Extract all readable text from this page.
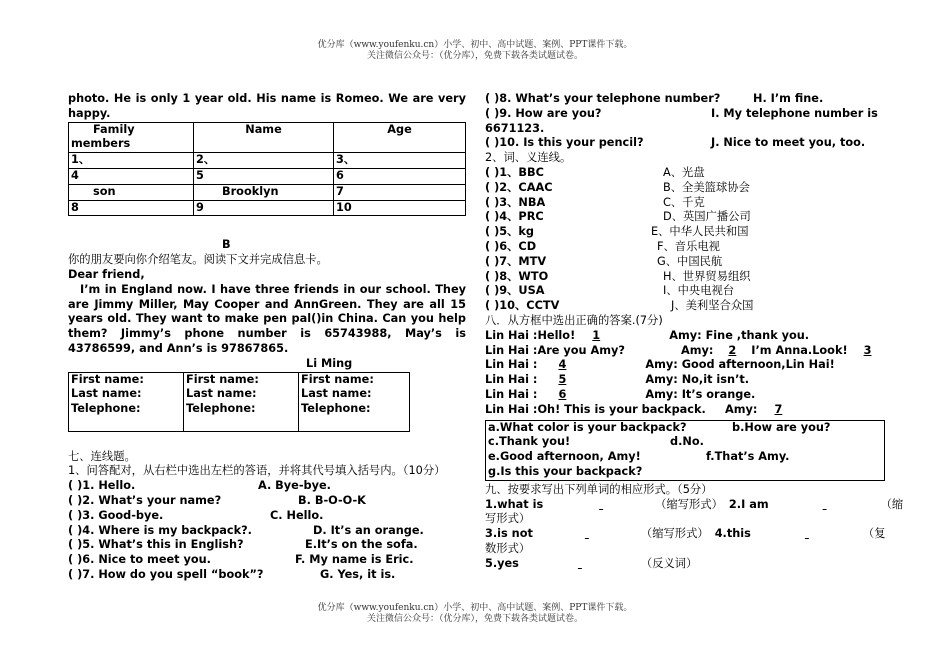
优分库（www.youfenku.cn）小学、初中、高中试题、案例、PPT课件下载。
关注微信公众号：（优分库），免费下载各类试题试卷。
photo. He is only 1 year old. His name is Romeo. We are very happy.
Family members	Name	Age
1、	2、	3、
4	5	6
son	Brooklyn	7
8	9	10
B
你的朋友要向你介绍笔友。阅读下文并完成信息卡。
Dear friend,
I’m in England now. I have three friends in our school. They are Jimmy Miller, May Cooper and AnnGreen. They are all 15 years old. They want to make pen pal()in China. Can you help them? Jimmy’s phone number is 65743988, May’s is 43786599, and Ann’s is 97867865.
Li Ming
First name:
Last name:
Telephone:

First name:
Last name:
Telephone:

First name:
Last name:
Telephone:
七、连线题。
1、问答配对，从右栏中选出左栏的答语，并将其代号填入括号内。（10分）
( )1. Hello.	A. Bye-bye.
( )2. What’s your name?	B. B-O-O-K
( )3. Good-bye.	C. Hello.
( )4. Where is my backpack?.	D. It’s an orange.
( )5. What’s this in English?	E.It’s on the sofa.
( )6. Nice to meet you.	F. My name is Eric.
( )7. How do you spell “book”?	G. Yes, it is.
( )8. What’s your telephone number?	H. I’m fine.
( )9. How are you?	I. My telephone number is
6671123.
( )10. Is this your pencil?	J. Nice to meet you, too.
2、词、义连线。
( )1、BBC	A、光盘
( )2、CAAC	B、全美篮球协会
( )3、NBA	C、千克
( )4、PRC	D、英国广播公司
( )5、kg	E、中华人民共和国
( )6、CD	F、音乐电视
( )7、MTV	G、中国民航
( )8、WTO	H、世界贸易组织
( )9、USA	I、中央电视台
( )10、CCTV	J、美利坚合众国
八．从方框中选出正确的答案.(7分)
Lin Hai :Hello! 1	Amy: Fine ,thank you.
Lin Hai :Are you Amy?	Amy: 2 I’m Anna.Look! 3
Lin Hai : 4	Amy: Good afternoon,Lin Hai!
Lin Hai : 5	Amy: No,it isn’t.
Lin Hai : 6	Amy: It’s orange.
Lin Hai :Oh! This is your backpack. Amy: 7
a.What color is your backpack?	b.How are you?
c.Thank you!	d.No.
e.Good afternoon, Amy!	f.That’s Amy.
g.Is this your backpack?
九、按要求写出下列单词的相应形式。（5分）
1.what is	（缩写形式） 2.I am	（缩
写形式）
3.is not	（缩写形式） 4.this	（复
数形式）
5.yes	（反义词）
优分库（www.youfenku.cn）小学、初中、高中试题、案例、PPT课件下载。
关注微信公众号：（优分库），免费下载各类试题试卷。
